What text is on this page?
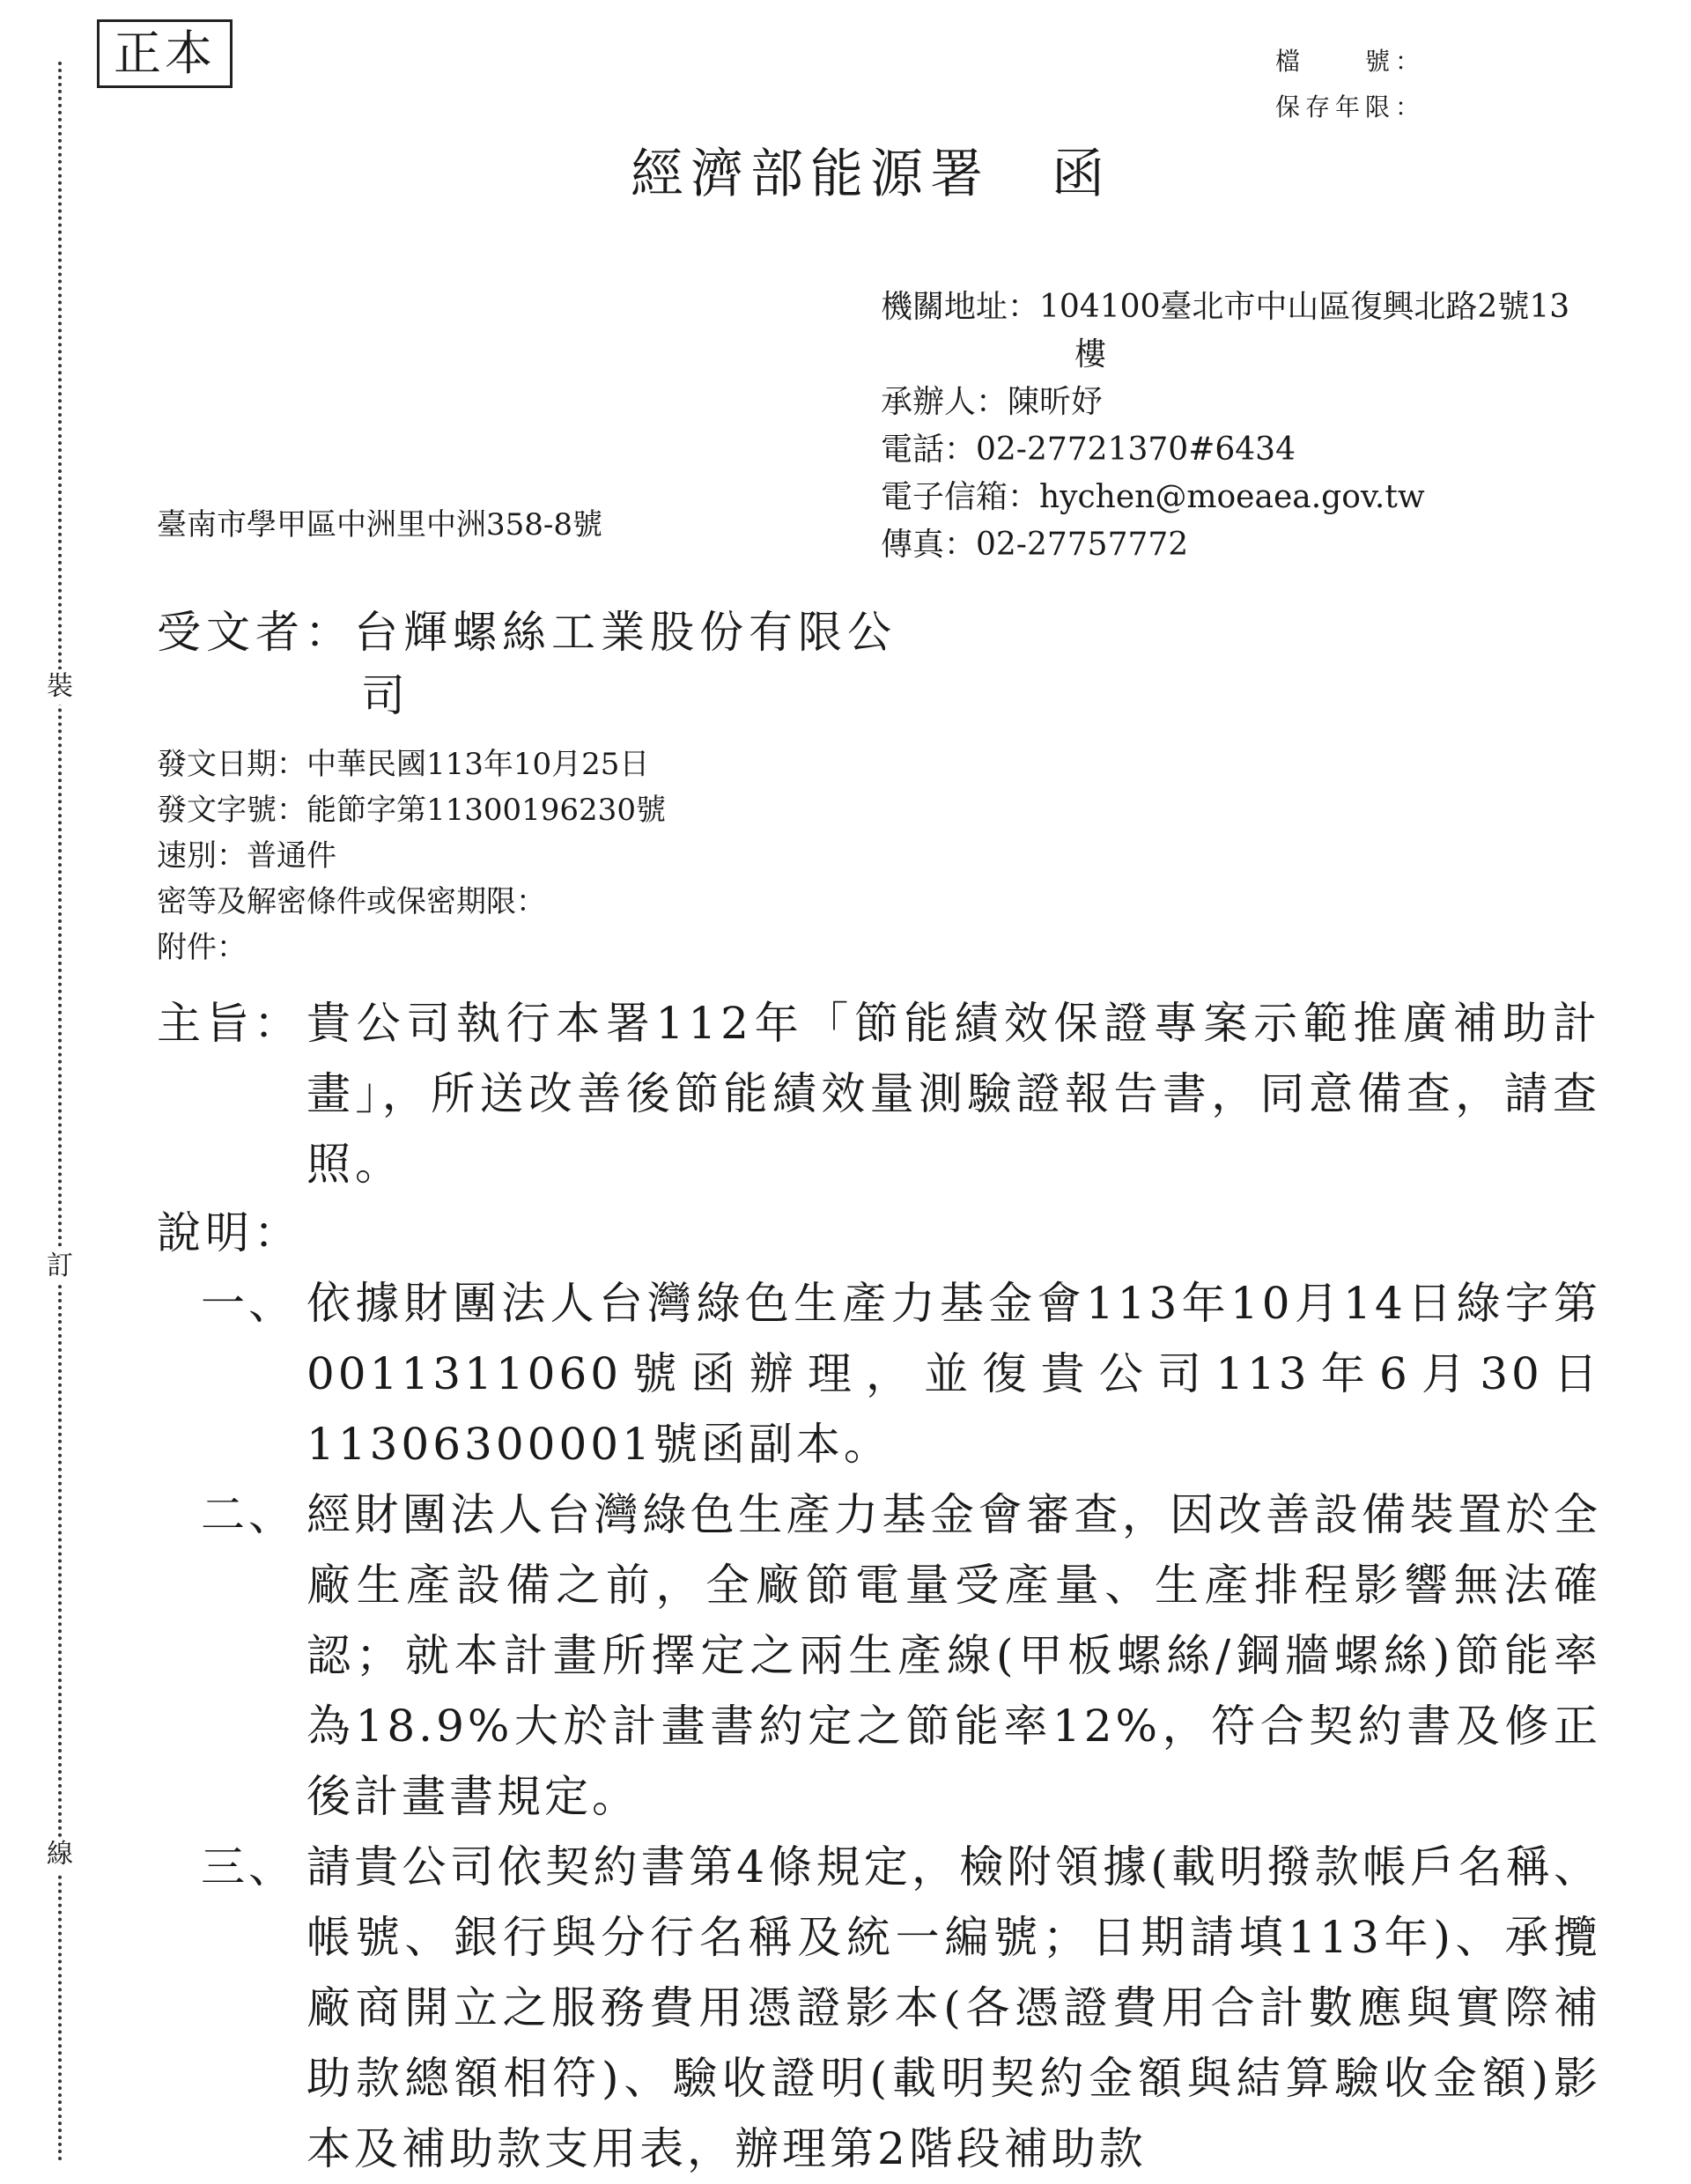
裝
訂
線
正本	檔　　號：
保存年限：
經濟部能源署 函
機關地址：104100臺北市中山區復興北路2號13
樓
承辦人：陳昕妤
電話：02-27721370#6434
電子信箱：hychen@moeaea.gov.tw
傳真：02-27757772
臺南市學甲區中洲里中洲358-8號
受文者：台輝螺絲工業股份有限公
司
發文日期：中華民國113年10月25日
發文字號：能節字第11300196230號
速別：普通件
密等及解密條件或保密期限：
附件：
主旨： 貴公司執行本署112年「節能績效保證專案示範推廣補助計畫」，所送改善後節能績效量測驗證報告書，同意備查，請查照。
說明：
一、 依據財團法人台灣綠色生產力基金會113年10月14日綠字第0011311060號函辦理，並復貴公司113年6月30日11306300001號函副本。
二、 經財團法人台灣綠色生產力基金會審查，因改善設備裝置於全廠生產設備之前，全廠節電量受產量、生產排程影響無法確認；就本計畫所擇定之兩生產線(甲板螺絲/鋼牆螺絲)節能率為18.9%大於計畫書約定之節能率12%，符合契約書及修正後計畫書規定。
三、 請貴公司依契約書第4條規定，檢附領據(載明撥款帳戶名稱、帳號、銀行與分行名稱及統一編號；日期請填113年)、承攬廠商開立之服務費用憑證影本(各憑證費用合計數應與實際補助款總額相符)、驗收證明(載明契約金額與結算驗收金額)影本及補助款支用表，辦理第2階段補助款
